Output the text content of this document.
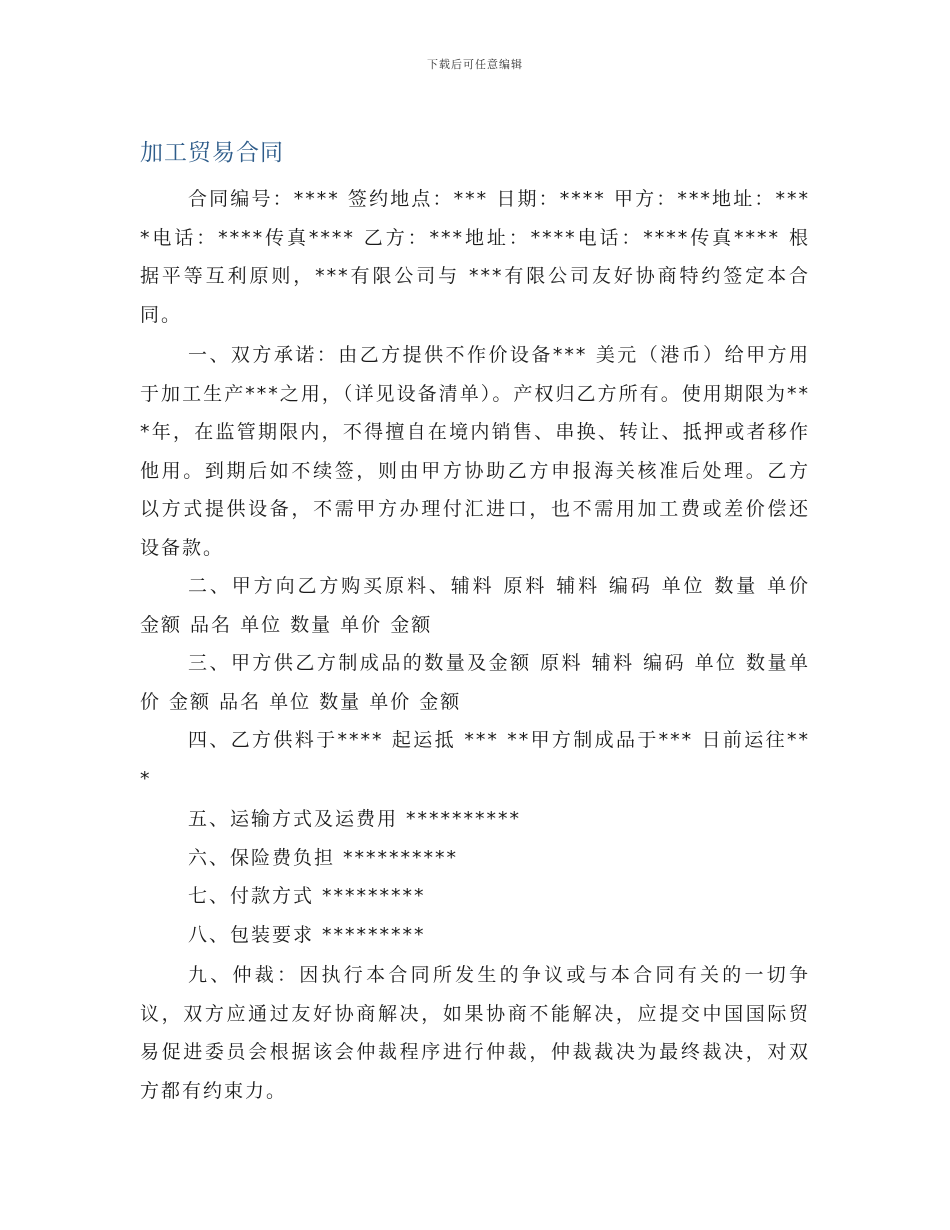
下载后可任意编辑
加工贸易合同

合同编号：**** 签约地点：*** 日期：**** 甲方：***地址：****电话：****传真**** 乙方：***地址：****电话：****传真**** 根据平等互利原则，***有限公司与 ***有限公司友好协商特约签定本合同。

一、双方承诺：由乙方提供不作价设备*** 美元（港币）给甲方用于加工生产***之用，（详见设备清单）。产权归乙方所有。使用期限为***年，在监管期限内，不得擅自在境内销售、串换、转让、抵押或者移作他用。到期后如不续签，则由甲方协助乙方申报海关核准后处理。乙方以方式提供设备，不需甲方办理付汇进口，也不需用加工费或差价偿还设备款。

二、甲方向乙方购买原料、辅料 原料 辅料 编码 单位 数量 单价 金额 品名 单位 数量 单价 金额

三、甲方供乙方制成品的数量及金额 原料 辅料 编码 单位 数量单价 金额 品名 单位 数量 单价 金额

四、乙方供料于**** 起运抵 *** **甲方制成品于*** 日前运往***

五、运输方式及运费用 **********

六、保险费负担 **********

七、付款方式 *********

八、包装要求 *********

九、仲裁：因执行本合同所发生的争议或与本合同有关的一切争议，双方应通过友好协商解决，如果协商不能解决，应提交中国国际贸易促进委员会根据该会仲裁程序进行仲裁，仲裁裁决为最终裁决，对双方都有约束力。
